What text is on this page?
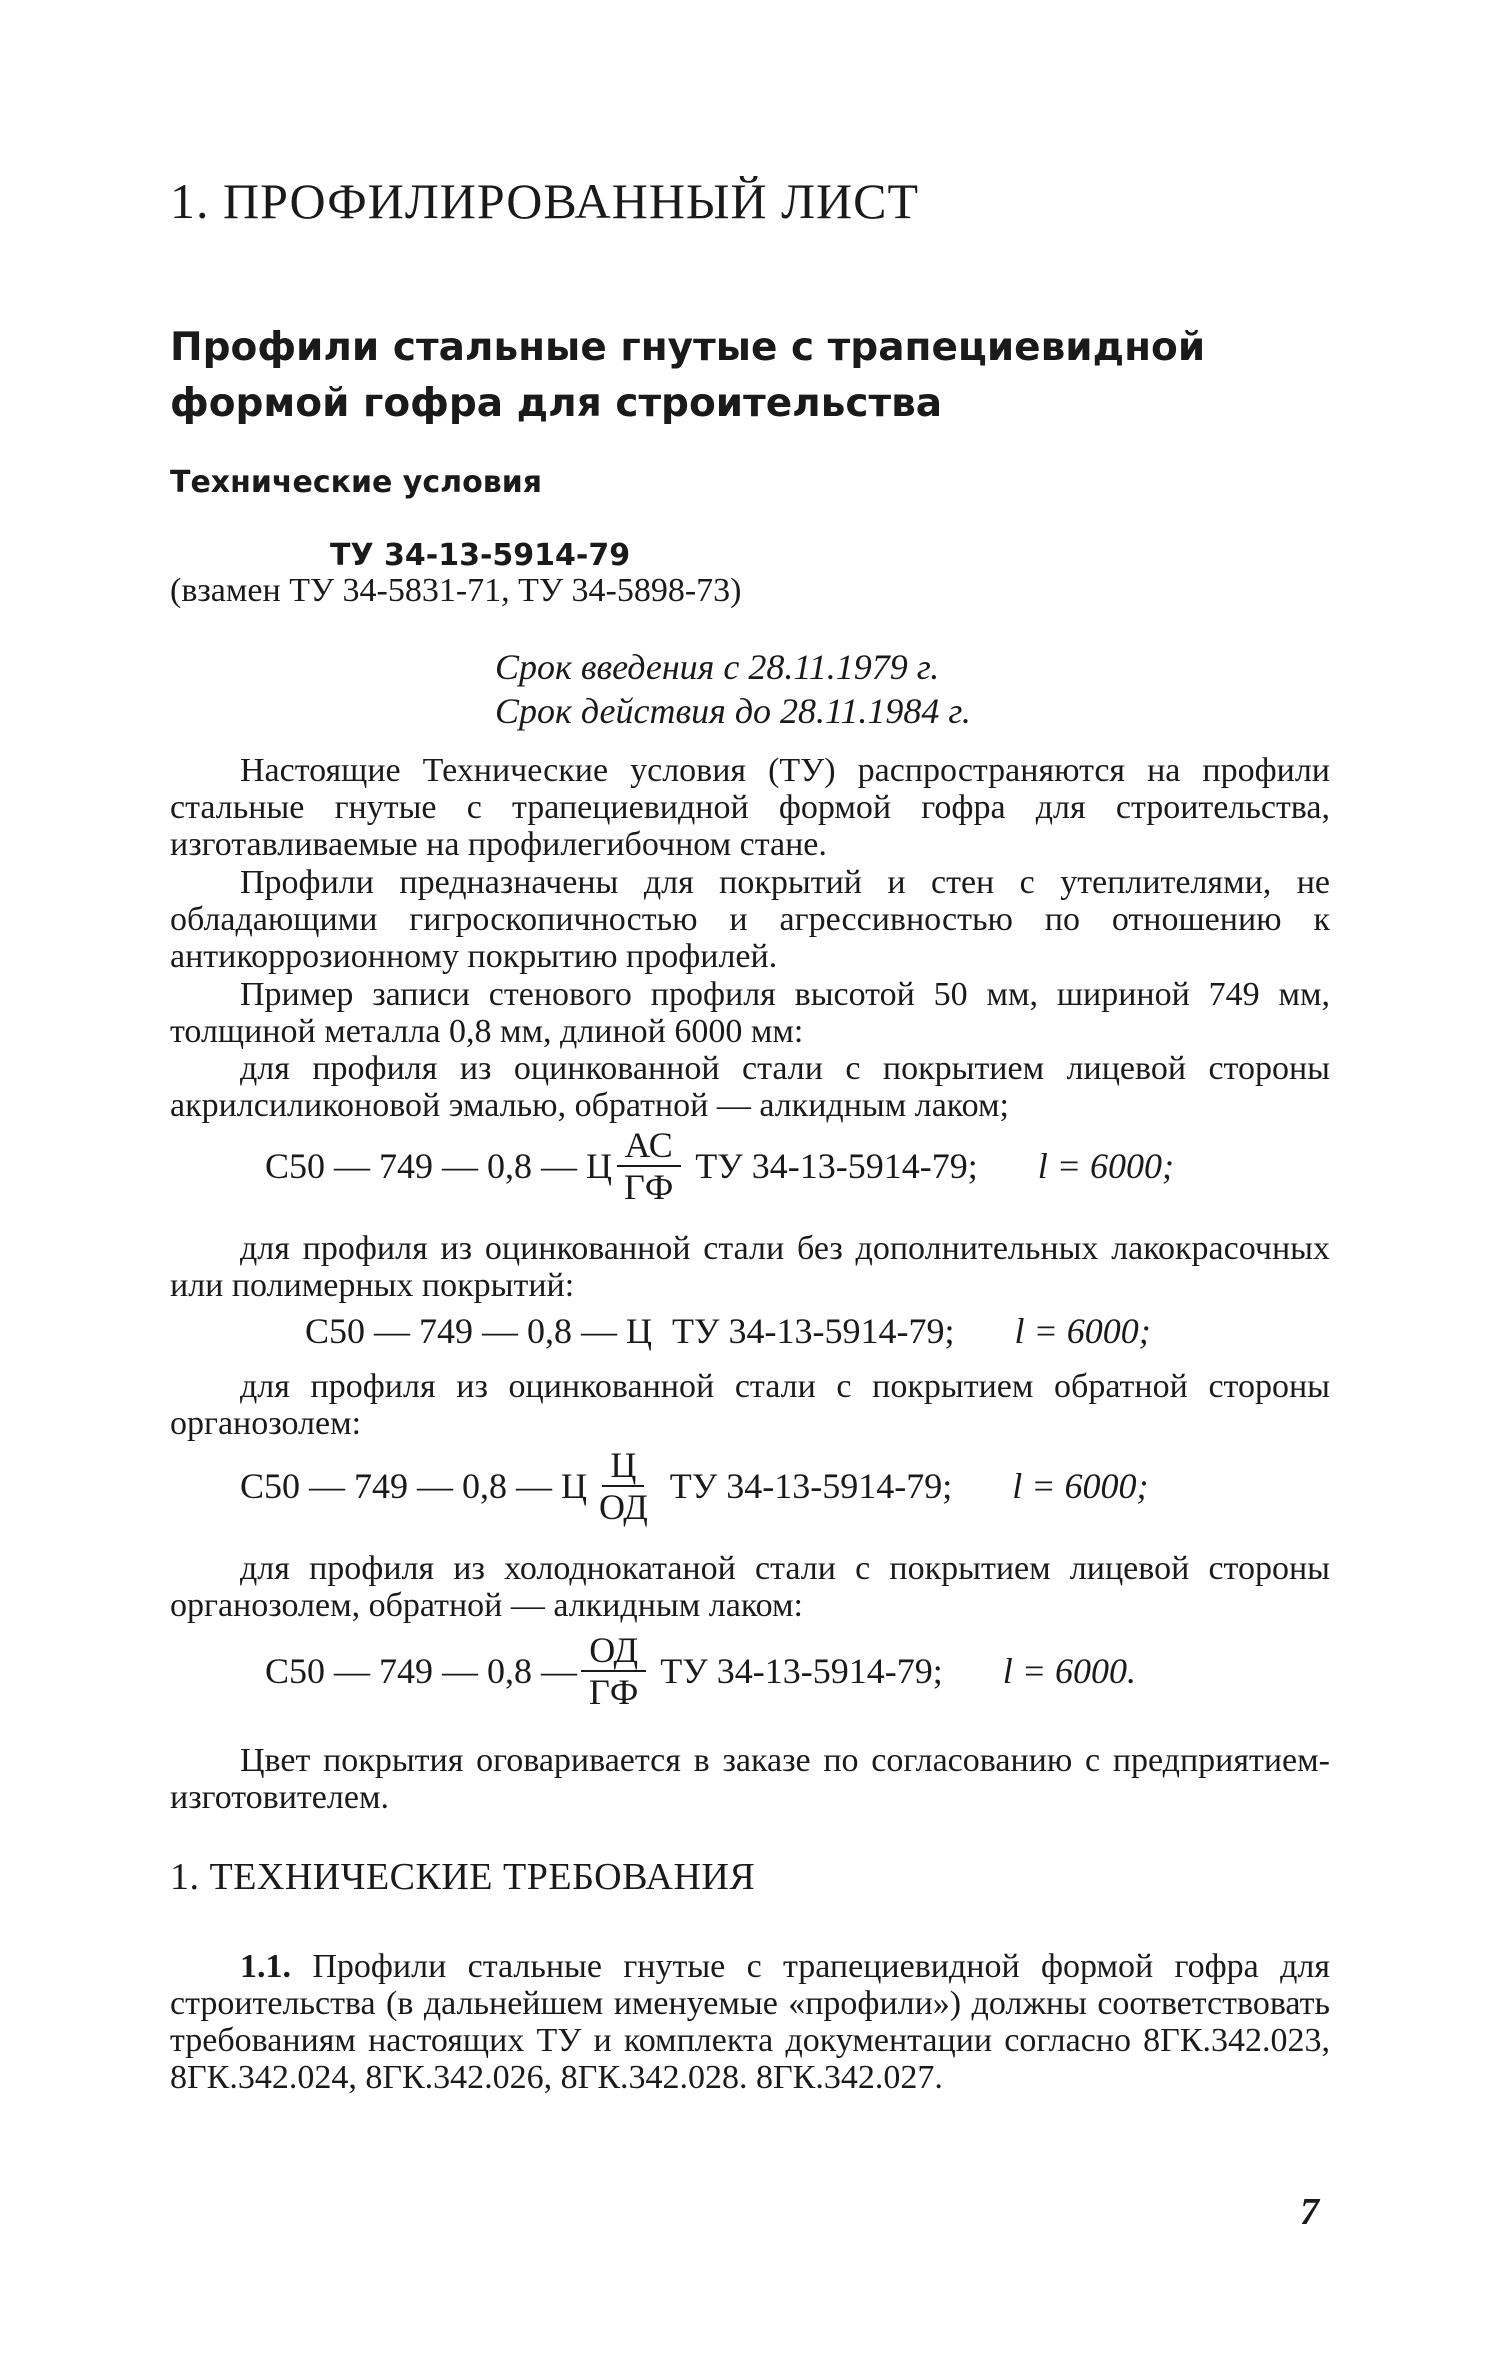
1. ПРОФИЛИРОВАННЫЙ ЛИСТ
Профили стальные гнутые с трапециевидной формой гофра для строительства
Технические условия
ТУ 34-13-5914-79
(взамен ТУ 34-5831-71, ТУ 34-5898-73)
Срок введения с 28.11.1979 г.
Срок действия до 28.11.1984 г.
Настоящие Технические условия (ТУ) распространяются на профили стальные гнутые с трапециевидной формой гофра для строительства, изготавливаемые на профилегибочном стане.
Профили предназначены для покрытий и стен с утеплителями, не обладающими гигроскопичностью и агрессивностью по отношению к антикоррозионному покрытию профилей.
Пример записи стенового профиля высотой 50 мм, шириной 749 мм, толщиной металла 0,8 мм, длиной 6000 мм:
для профиля из оцинкованной стали с покрытием лицевой стороны акрилсиликоновой эмалью, обратной — алкидным лаком;
С50 — 749 — 0,8 — Ц $\frac{АС}{ГФ}$ ТУ 34-13-5914-79; l = 6000;
для профиля из оцинкованной стали без дополнительных лакокрасочных или полимерных покрытий:
С50 — 749 — 0,8 — Ц ТУ 34-13-5914-79; l = 6000;
для профиля из оцинкованной стали с покрытием обратной стороны органозолем:
С50 — 749 — 0,8 — Ц $\frac{Ц}{ОД}$ ТУ 34-13-5914-79; l = 6000;
для профиля из холоднокатаной стали с покрытием лицевой стороны органозолем, обратной — алкидным лаком:
С50 — 749 — 0,8 — $\frac{ОД}{ГФ}$ ТУ 34-13-5914-79; l = 6000.
Цвет покрытия оговаривается в заказе по согласованию с предприятием-изготовителем.
1. ТЕХНИЧЕСКИЕ ТРЕБОВАНИЯ
1.1. Профили стальные гнутые с трапециевидной формой гофра для строительства (в дальнейшем именуемые «профили») должны соответствовать требованиям настоящих ТУ и комплекта документации согласно 8ГК.342.023, 8ГК.342.024, 8ГК.342.026, 8ГК.342.028. 8ГК.342.027.
7
